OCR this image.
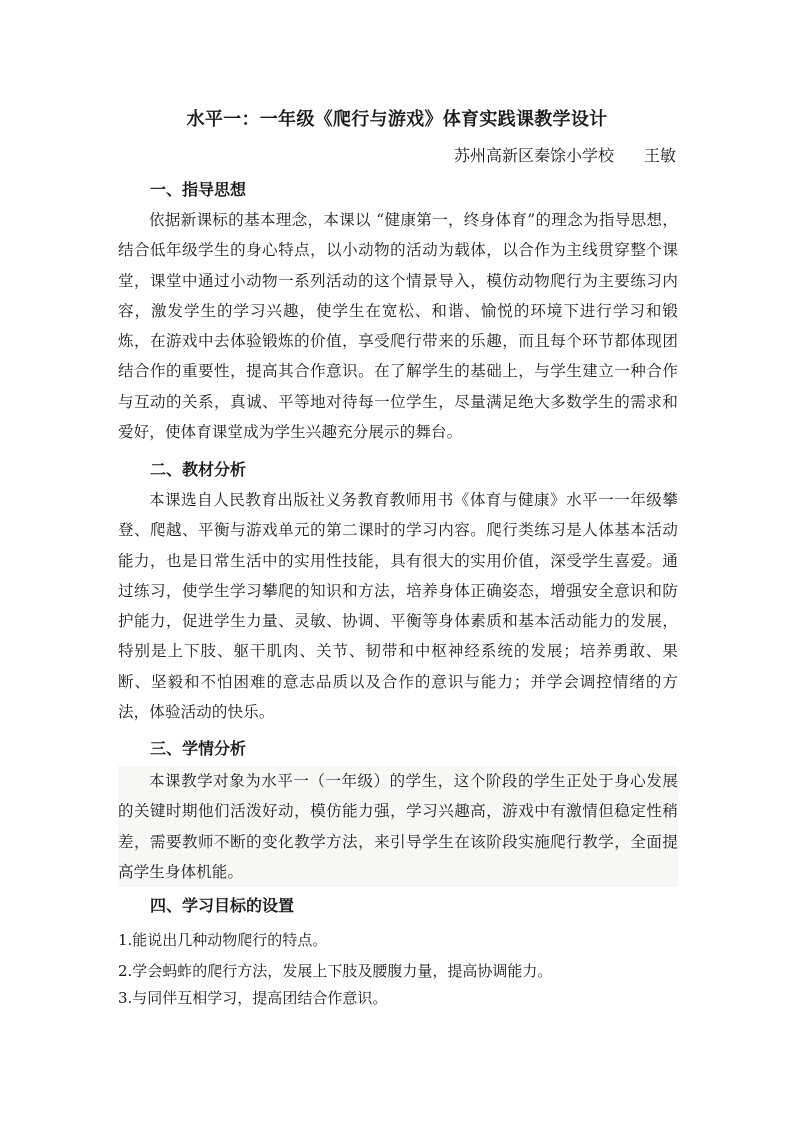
水平一：一年级《爬行与游戏》体育实践课教学设计

苏州高新区秦馀小学校 王敏

一、指导思想

依据新课标的基本理念，本课以 “健康第一，终身体育”的理念为指导思想，结合低年级学生的身心特点，以小动物的活动为载体，以合作为主线贯穿整个课堂，课堂中通过小动物一系列活动的这个情景导入，模仿动物爬行为主要练习内容，激发学生的学习兴趣，使学生在宽松、和谐、愉悦的环境下进行学习和锻炼，在游戏中去体验锻炼的价值，享受爬行带来的乐趣，而且每个环节都体现团结合作的重要性，提高其合作意识。在了解学生的基础上，与学生建立一种合作与互动的关系，真诚、平等地对待每一位学生，尽量满足绝大多数学生的需求和爱好，使体育课堂成为学生兴趣充分展示的舞台。

二、教材分析

本课选自人民教育出版社义务教育教师用书《体育与健康》水平一一年级攀登、爬越、平衡与游戏单元的第二课时的学习内容。爬行类练习是人体基本活动能力，也是日常生活中的实用性技能，具有很大的实用价值，深受学生喜爱。通过练习，使学生学习攀爬的知识和方法，培养身体正确姿态，增强安全意识和防护能力，促进学生力量、灵敏、协调、平衡等身体素质和基本活动能力的发展，特别是上下肢、躯干肌肉、关节、韧带和中枢神经系统的发展；培养勇敢、果断、坚毅和不怕困难的意志品质以及合作的意识与能力；并学会调控情绪的方法，体验活动的快乐。

三、学情分析

本课教学对象为水平一（一年级）的学生，这个阶段的学生正处于身心发展的关键时期他们活泼好动，模仿能力强，学习兴趣高，游戏中有激情但稳定性稍差，需要教师不断的变化教学方法，来引导学生在该阶段实施爬行教学，全面提高学生身体机能。

四、学习目标的设置

1.能说出几种动物爬行的特点。

2.学会蚂蚱的爬行方法，发展上下肢及腰腹力量，提高协调能力。

3.与同伴互相学习，提高团结合作意识。
